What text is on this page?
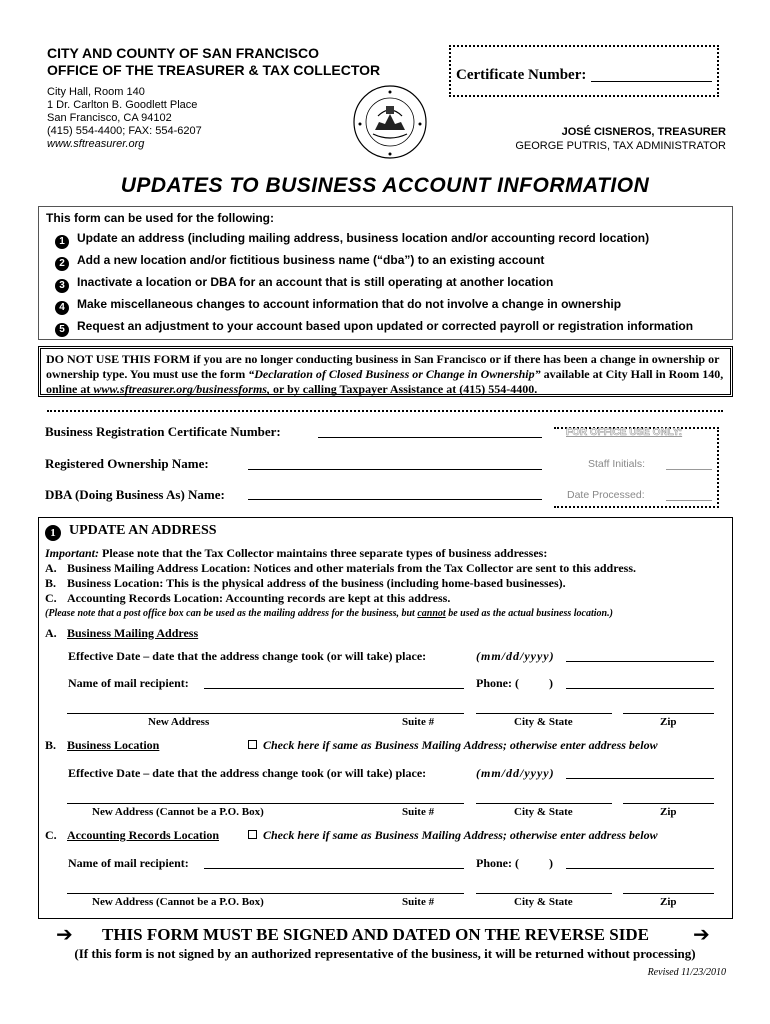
CITY AND COUNTY OF SAN FRANCISCO
OFFICE OF THE TREASURER & TAX COLLECTOR
City Hall, Room 140
1 Dr. Carlton B. Goodlett Place
San Francisco, CA 94102
(415) 554-4400; FAX: 554-6207
www.sftreasurer.org
Certificate Number:
JOSÉ CISNEROS, TREASURER
GEORGE PUTRIS, TAX ADMINISTRATOR
UPDATES TO BUSINESS ACCOUNT INFORMATION
This form can be used for the following:
1 Update an address (including mailing address, business location and/or accounting record location)
2 Add a new location and/or fictitious business name (“dba”) to an existing account
3 Inactivate a location or DBA for an account that is still operating at another location
4 Make miscellaneous changes to account information that do not involve a change in ownership
5 Request an adjustment to your account based upon updated or corrected payroll or registration information
DO NOT USE THIS FORM if you are no longer conducting business in San Francisco or if there has been a change in ownership or ownership type. You must use the form “Declaration of Closed Business or Change in Ownership” available at City Hall in Room 140, online at www.sftreasurer.org/businessforms, or by calling Taxpayer Assistance at (415) 554-4400.
Business Registration Certificate Number:
Registered Ownership Name:
DBA (Doing Business As) Name:
FOR OFFICE USE ONLY:
Staff Initials:
Date Processed:
1 UPDATE AN ADDRESS
Important: Please note that the Tax Collector maintains three separate types of business addresses:
A. Business Mailing Address Location: Notices and other materials from the Tax Collector are sent to this address.
B. Business Location: This is the physical address of the business (including home-based businesses).
C. Accounting Records Location: Accounting records are kept at this address.
(Please note that a post office box can be used as the mailing address for the business, but cannot be used as the actual business location.)
A. Business Mailing Address
Effective Date – date that the address change took (or will take) place:	(mm/dd/yyyy)
Name of mail recipient:	Phone: (	)
New Address	Suite #	City & State	Zip
B. Business Location	Check here if same as Business Mailing Address; otherwise enter address below
Effective Date – date that the address change took (or will take) place:	(mm/dd/yyyy)
New Address (Cannot be a P.O. Box)	Suite #	City & State	Zip
C. Accounting Records Location	Check here if same as Business Mailing Address; otherwise enter address below
Name of mail recipient:	Phone: (	)
New Address (Cannot be a P.O. Box)	Suite #	City & State	Zip
➔ THIS FORM MUST BE SIGNED AND DATED ON THE REVERSE SIDE ➔
(If this form is not signed by an authorized representative of the business, it will be returned without processing)
Revised 11/23/2010
